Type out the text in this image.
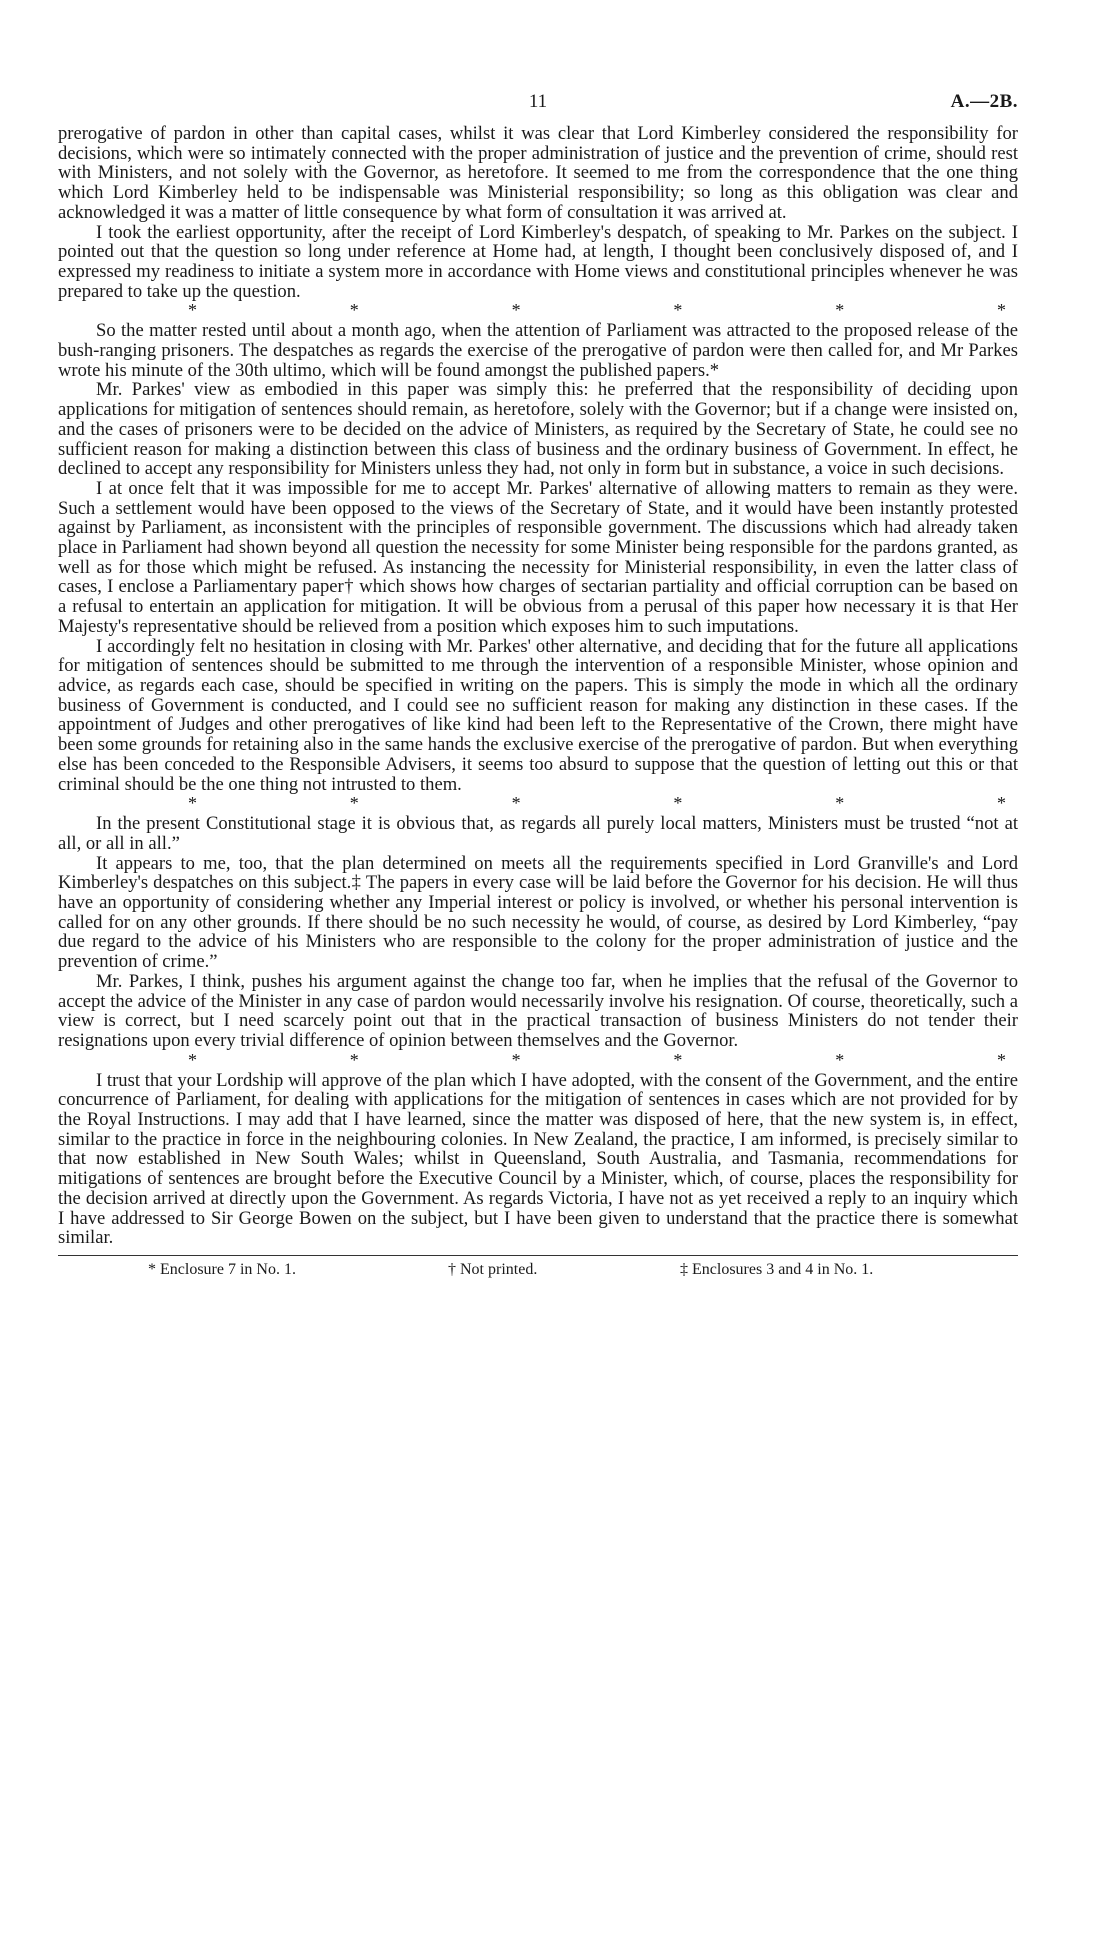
11	A.—2B.

prerogative of pardon in other than capital cases, whilst it was clear that Lord Kimberley considered the responsibility for decisions, which were so intimately connected with the proper administration of justice and the prevention of crime, should rest with Ministers, and not solely with the Governor, as heretofore. It seemed to me from the correspondence that the one thing which Lord Kimberley held to be indispensable was Ministerial responsibility; so long as this obligation was clear and acknowledged it was a matter of little consequence by what form of consultation it was arrived at.

I took the earliest opportunity, after the receipt of Lord Kimberley's despatch, of speaking to Mr. Parkes on the subject. I pointed out that the question so long under reference at Home had, at length, I thought been conclusively disposed of, and I expressed my readiness to initiate a system more in accordance with Home views and constitutional principles whenever he was prepared to take up the question.

*	*	*	*	*	*

So the matter rested until about a month ago, when the attention of Parliament was attracted to the proposed release of the bush-ranging prisoners. The despatches as regards the exercise of the prerogative of pardon were then called for, and Mr Parkes wrote his minute of the 30th ultimo, which will be found amongst the published papers.*

Mr. Parkes' view as embodied in this paper was simply this: he preferred that the responsibility of deciding upon applications for mitigation of sentences should remain, as heretofore, solely with the Governor; but if a change were insisted on, and the cases of prisoners were to be decided on the advice of Ministers, as required by the Secretary of State, he could see no sufficient reason for making a distinction between this class of business and the ordinary business of Government. In effect, he declined to accept any responsibility for Ministers unless they had, not only in form but in substance, a voice in such decisions.

I at once felt that it was impossible for me to accept Mr. Parkes' alternative of allowing matters to remain as they were. Such a settlement would have been opposed to the views of the Secretary of State, and it would have been instantly protested against by Parliament, as inconsistent with the principles of responsible government. The discussions which had already taken place in Parliament had shown beyond all question the necessity for some Minister being responsible for the pardons granted, as well as for those which might be refused. As instancing the necessity for Ministerial responsibility, in even the latter class of cases, I enclose a Parliamentary paper† which shows how charges of sectarian partiality and official corruption can be based on a refusal to entertain an application for mitigation. It will be obvious from a perusal of this paper how necessary it is that Her Majesty's representative should be relieved from a position which exposes him to such imputations.

I accordingly felt no hesitation in closing with Mr. Parkes' other alternative, and deciding that for the future all applications for mitigation of sentences should be submitted to me through the intervention of a responsible Minister, whose opinion and advice, as regards each case, should be specified in writing on the papers. This is simply the mode in which all the ordinary business of Government is conducted, and I could see no sufficient reason for making any distinction in these cases. If the appointment of Judges and other prerogatives of like kind had been left to the Representative of the Crown, there might have been some grounds for retaining also in the same hands the exclusive exercise of the prerogative of pardon. But when everything else has been conceded to the Responsible Advisers, it seems too absurd to suppose that the question of letting out this or that criminal should be the one thing not intrusted to them.

*	*	*	*	*	*

In the present Constitutional stage it is obvious that, as regards all purely local matters, Ministers must be trusted “not at all, or all in all.”

It appears to me, too, that the plan determined on meets all the requirements specified in Lord Granville's and Lord Kimberley's despatches on this subject.‡ The papers in every case will be laid before the Governor for his decision. He will thus have an opportunity of considering whether any Imperial interest or policy is involved, or whether his personal intervention is called for on any other grounds. If there should be no such necessity he would, of course, as desired by Lord Kimberley, “pay due regard to the advice of his Ministers who are responsible to the colony for the proper administration of justice and the prevention of crime.”

Mr. Parkes, I think, pushes his argument against the change too far, when he implies that the refusal of the Governor to accept the advice of the Minister in any case of pardon would necessarily involve his resignation. Of course, theoretically, such a view is correct, but I need scarcely point out that in the practical transaction of business Ministers do not tender their resignations upon every trivial difference of opinion between themselves and the Governor.

*	*	*	*	*	*

I trust that your Lordship will approve of the plan which I have adopted, with the consent of the Government, and the entire concurrence of Parliament, for dealing with applications for the mitigation of sentences in cases which are not provided for by the Royal Instructions. I may add that I have learned, since the matter was disposed of here, that the new system is, in effect, similar to the practice in force in the neighbouring colonies. In New Zealand, the practice, I am informed, is precisely similar to that now established in New South Wales; whilst in Queensland, South Australia, and Tasmania, recommendations for mitigations of sentences are brought before the Executive Council by a Minister, which, of course, places the responsibility for the decision arrived at directly upon the Government. As regards Victoria, I have not as yet received a reply to an inquiry which I have addressed to Sir George Bowen on the subject, but I have been given to understand that the practice there is somewhat similar.

* Enclosure 7 in No. 1.	† Not printed.	‡ Enclosures 3 and 4 in No. 1.
